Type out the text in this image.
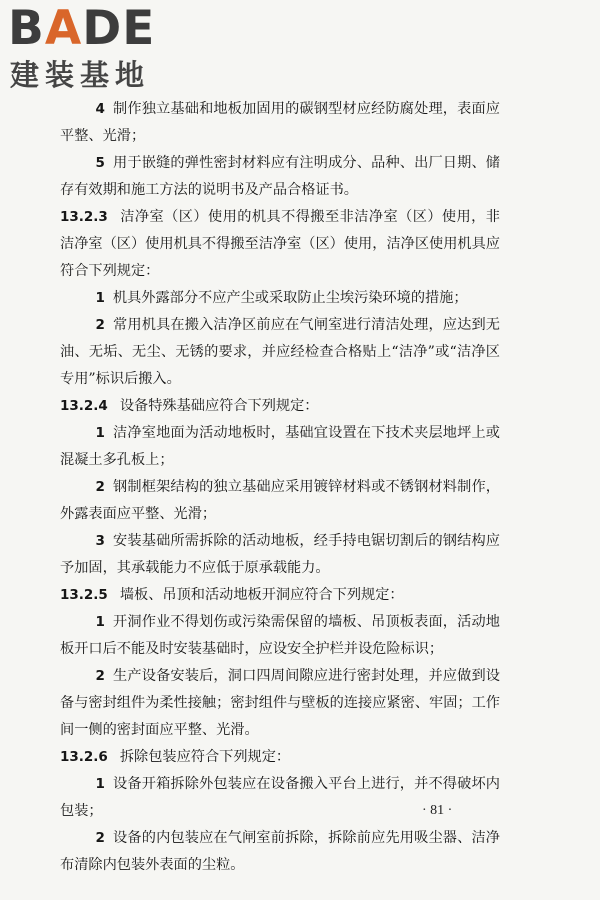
BADE
建装基地

4 制作独立基础和地板加固用的碳钢型材应经防腐处理，表面应平整、光滑；

5 用于嵌缝的弹性密封材料应有注明成分、品种、出厂日期、储存有效期和施工方法的说明书及产品合格证书。

13.2.3 洁净室（区）使用的机具不得搬至非洁净室（区）使用，非洁净室（区）使用机具不得搬至洁净室（区）使用，洁净区使用机具应符合下列规定：

1 机具外露部分不应产尘或采取防止尘埃污染环境的措施；

2 常用机具在搬入洁净区前应在气闸室进行清洁处理，应达到无油、无垢、无尘、无锈的要求，并应经检查合格贴上“洁净”或“洁净区专用”标识后搬入。

13.2.4 设备特殊基础应符合下列规定：

1 洁净室地面为活动地板时，基础宜设置在下技术夹层地坪上或混凝土多孔板上；

2 钢制框架结构的独立基础应采用镀锌材料或不锈钢材料制作，外露表面应平整、光滑；

3 安装基础所需拆除的活动地板，经手持电锯切割后的钢结构应予加固，其承载能力不应低于原承载能力。

13.2.5 墙板、吊顶和活动地板开洞应符合下列规定：

1 开洞作业不得划伤或污染需保留的墙板、吊顶板表面，活动地板开口后不能及时安装基础时，应设安全护栏并设危险标识；

2 生产设备安装后，洞口四周间隙应进行密封处理，并应做到设备与密封组件为柔性接触；密封组件与壁板的连接应紧密、牢固；工作间一侧的密封面应平整、光滑。

13.2.6 拆除包装应符合下列规定：

1 设备开箱拆除外包装应在设备搬入平台上进行，并不得破坏内包装；

2 设备的内包装应在气闸室前拆除，拆除前应先用吸尘器、洁净布清除内包装外表面的尘粒。

· 81 ·
